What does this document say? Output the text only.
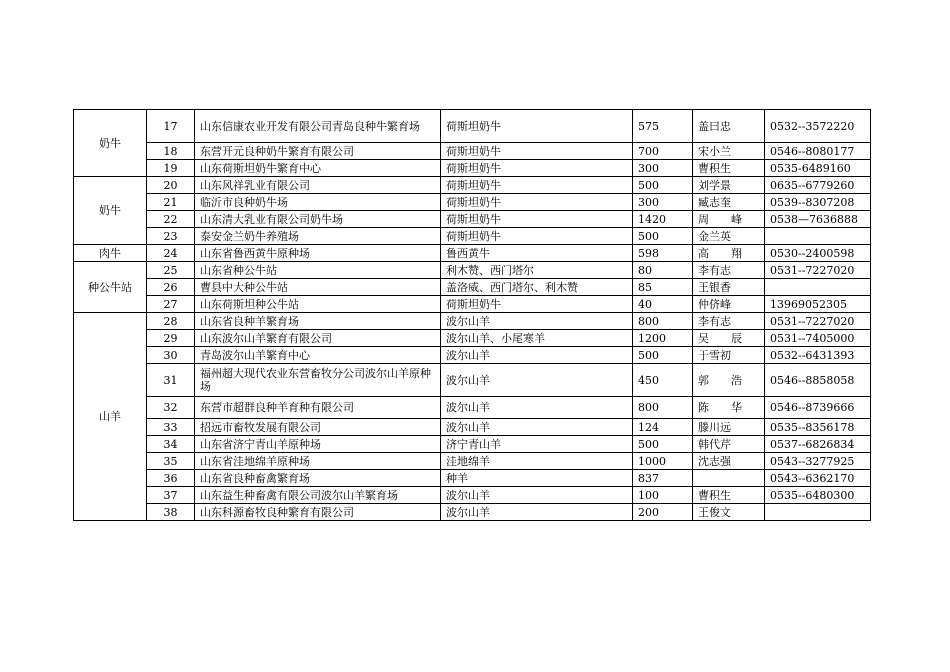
奶牛	17	山东信康农业开发有限公司青岛良种牛繁育场	荷斯坦奶牛	575	盖曰忠	0532--3572220
	18	东营开元良种奶牛繁育有限公司	荷斯坦奶牛	700	宋小兰	0546--8080177
	19	山东荷斯坦奶牛繁育中心	荷斯坦奶牛	300	曹积生	0535-6489160
奶牛	20	山东风祥乳业有限公司	荷斯坦奶牛	500	刘学景	0635--6779260
	21	临沂市良种奶牛场	荷斯坦奶牛	300	臧志奎	0539--8307208
	22	山东清大乳业有限公司奶牛场	荷斯坦奶牛	1420	周　　峰	0538—7636888
	23	泰安金兰奶牛养殖场	荷斯坦奶牛	500	金兰英	
肉牛	24	山东省鲁西黄牛原种场	鲁西黄牛	598	高　　翔	0530--2400598
种公牛站	25	山东省种公牛站	利木赞、西门塔尔	80	李有志	0531--7227020
	26	曹县中大种公牛站	盖洛威、西门塔尔、利木赞	85	王银香	
	27	山东荷斯坦种公牛站	荷斯坦奶牛	40	仲侪峰	13969052305
山羊	28	山东省良种羊繁育场	波尔山羊	800	李有志	0531--7227020
	29	山东波尔山羊繁育有限公司	波尔山羊、小尾寒羊	1200	吴　　辰	0531--7405000
	30	青岛波尔山羊繁育中心	波尔山羊	500	于雪初	0532--6431393
	31	福州超大现代农业东营畜牧分公司波尔山羊原种场	波尔山羊	450	郭　　浩	0546--8858058
	32	东营市超群良种羊育种有限公司	波尔山羊	800	陈　　华	0546--8739666
	33	招远市畜牧发展有限公司	波尔山羊	124	滕川远	0535--8356178
	34	山东省济宁青山羊原种场	济宁青山羊	500	韩代芹	0537--6826834
	35	山东省洼地绵羊原种场	洼地绵羊	1000	沈志强	0543--3277925
	36	山东省良种畜禽繁育场	种羊	837		0543--6362170
	37	山东益生种畜禽有限公司波尔山羊繁育场	波尔山羊	100	曹积生	0535--6480300
	38	山东科源畜牧良种繁育有限公司	波尔山羊	200	王俊文	
